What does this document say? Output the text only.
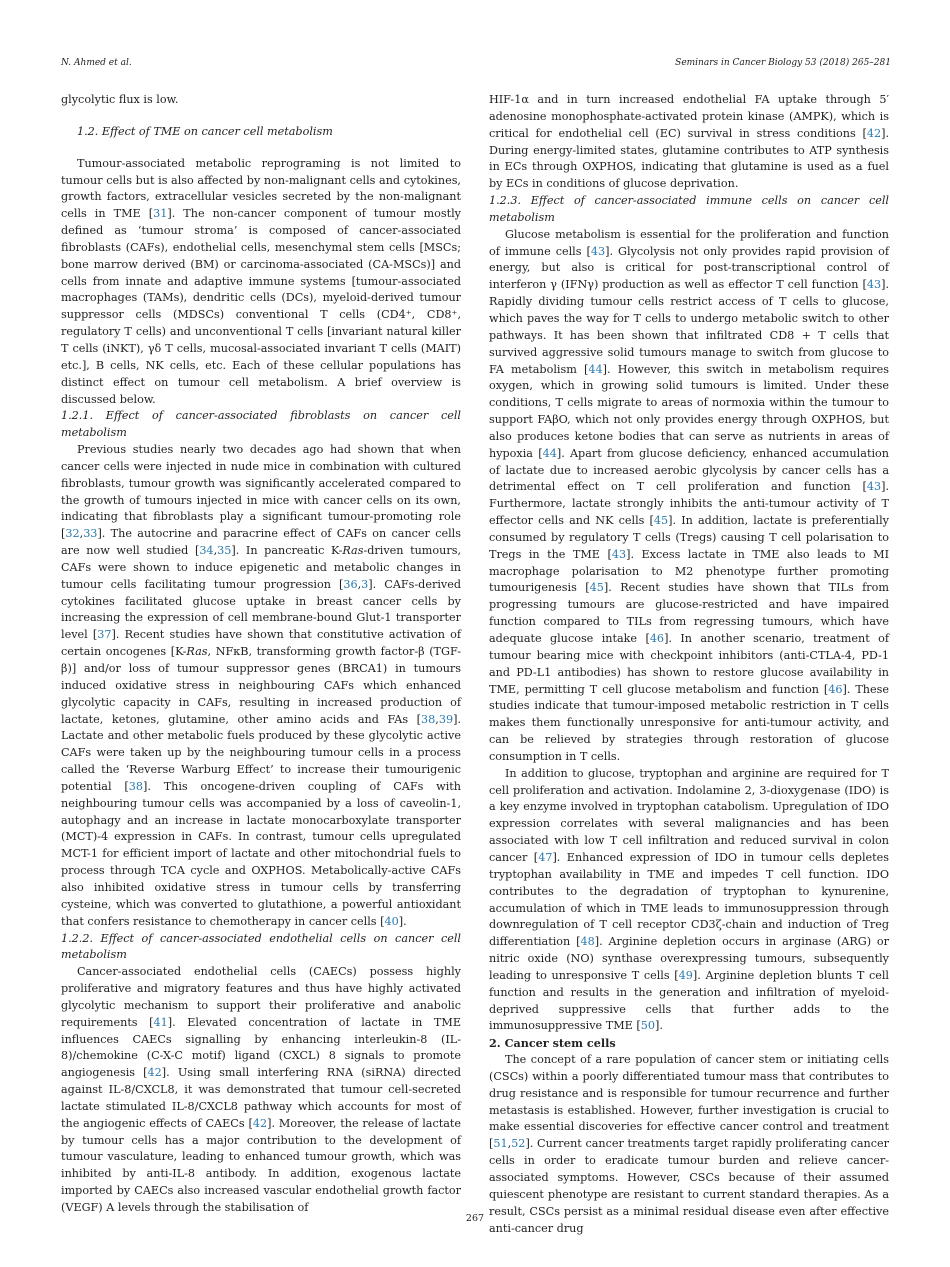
N. Ahmed et al.	Seminars in Cancer Biology 53 (2018) 265–281

glycolytic flux is low.

1.2. Effect of TME on cancer cell metabolism

Tumour-associated metabolic reprograming is not limited to tumour cells but is also affected by non-malignant cells and cytokines, growth factors, extracellular vesicles secreted by the non-malignant cells in TME [31]. The non-cancer component of tumour mostly defined as ‘tumour stroma’ is composed of cancer-associated fibroblasts (CAFs), endothelial cells, mesenchymal stem cells [MSCs; bone marrow derived (BM) or carcinoma-associated (CA-MSCs)] and cells from innate and adaptive immune systems [tumour-associated macrophages (TAMs), dendritic cells (DCs), myeloid-derived tumour suppressor cells (MDSCs) conventional T cells (CD4⁺, CD8⁺, regulatory T cells) and unconventional T cells [invariant natural killer T cells (iNKT), γδ T cells, mucosal-associated invariant T cells (MAIT) etc.], B cells, NK cells, etc. Each of these cellular populations has distinct effect on tumour cell metabolism. A brief overview is discussed below.

1.2.1. Effect of cancer-associated fibroblasts on cancer cell metabolism

Previous studies nearly two decades ago had shown that when cancer cells were injected in nude mice in combination with cultured fibroblasts, tumour growth was significantly accelerated compared to the growth of tumours injected in mice with cancer cells on its own, indicating that fibroblasts play a significant tumour-promoting role [32,33]. The autocrine and paracrine effect of CAFs on cancer cells are now well studied [34,35]. In pancreatic K-Ras-driven tumours, CAFs were shown to induce epigenetic and metabolic changes in tumour cells facilitating tumour progression [36,3]. CAFs-derived cytokines facilitated glucose uptake in breast cancer cells by increasing the expression of cell membrane-bound Glut-1 transporter level [37]. Recent studies have shown that constitutive activation of certain oncogenes [K-Ras, NFκB, transforming growth factor-β (TGF-β)] and/or loss of tumour suppressor genes (BRCA1) in tumours induced oxidative stress in neighbouring CAFs which enhanced glycolytic capacity in CAFs, resulting in increased production of lactate, ketones, glutamine, other amino acids and FAs [38,39]. Lactate and other metabolic fuels produced by these glycolytic active CAFs were taken up by the neighbouring tumour cells in a process called the ‘Reverse Warburg Effect’ to increase their tumourigenic potential [38]. This oncogene-driven coupling of CAFs with neighbouring tumour cells was accompanied by a loss of caveolin-1, autophagy and an increase in lactate monocarboxylate transporter (MCT)-4 expression in CAFs. In contrast, tumour cells upregulated MCT-1 for efficient import of lactate and other mitochondrial fuels to process through TCA cycle and OXPHOS. Metabolically-active CAFs also inhibited oxidative stress in tumour cells by transferring cysteine, which was converted to glutathione, a powerful antioxidant that confers resistance to chemotherapy in cancer cells [40].

1.2.2. Effect of cancer-associated endothelial cells on cancer cell metabolism

Cancer-associated endothelial cells (CAECs) possess highly proliferative and migratory features and thus have highly activated glycolytic mechanism to support their proliferative and anabolic requirements [41]. Elevated concentration of lactate in TME influences CAECs signalling by enhancing interleukin-8 (IL-8)/chemokine (C-X-C motif) ligand (CXCL) 8 signals to promote angiogenesis [42]. Using small interfering RNA (siRNA) directed against IL-8/CXCL8, it was demonstrated that tumour cell-secreted lactate stimulated IL-8/CXCL8 pathway which accounts for most of the angiogenic effects of CAECs [42]. Moreover, the release of lactate by tumour cells has a major contribution to the development of tumour vasculature, leading to enhanced tumour growth, which was inhibited by anti-IL-8 antibody. In addition, exogenous lactate imported by CAECs also increased vascular endothelial growth factor (VEGF) A levels through the stabilisation of

HIF-1α and in turn increased endothelial FA uptake through 5′ adenosine monophosphate-activated protein kinase (AMPK), which is critical for endothelial cell (EC) survival in stress conditions [42]. During energy-limited states, glutamine contributes to ATP synthesis in ECs through OXPHOS, indicating that glutamine is used as a fuel by ECs in conditions of glucose deprivation.

1.2.3. Effect of cancer-associated immune cells on cancer cell metabolism

Glucose metabolism is essential for the proliferation and function of immune cells [43]. Glycolysis not only provides rapid provision of energy, but also is critical for post-transcriptional control of interferon γ (IFNγ) production as well as effector T cell function [43]. Rapidly dividing tumour cells restrict access of T cells to glucose, which paves the way for T cells to undergo metabolic switch to other pathways. It has been shown that infiltrated CD8 + T cells that survived aggressive solid tumours manage to switch from glucose to FA metabolism [44]. However, this switch in metabolism requires oxygen, which in growing solid tumours is limited. Under these conditions, T cells migrate to areas of normoxia within the tumour to support FAβO, which not only provides energy through OXPHOS, but also produces ketone bodies that can serve as nutrients in areas of hypoxia [44]. Apart from glucose deficiency, enhanced accumulation of lactate due to increased aerobic glycolysis by cancer cells has a detrimental effect on T cell proliferation and function [43]. Furthermore, lactate strongly inhibits the anti-tumour activity of T effector cells and NK cells [45]. In addition, lactate is preferentially consumed by regulatory T cells (Tregs) causing T cell polarisation to Tregs in the TME [43]. Excess lactate in TME also leads to MI macrophage polarisation to M2 phenotype further promoting tumourigenesis [45]. Recent studies have shown that TILs from progressing tumours are glucose-restricted and have impaired function compared to TILs from regressing tumours, which have adequate glucose intake [46]. In another scenario, treatment of tumour bearing mice with checkpoint inhibitors (anti-CTLA-4, PD-1 and PD-L1 antibodies) has shown to restore glucose availability in TME, permitting T cell glucose metabolism and function [46]. These studies indicate that tumour-imposed metabolic restriction in T cells makes them functionally unresponsive for anti-tumour activity, and can be relieved by strategies through restoration of glucose consumption in T cells.

In addition to glucose, tryptophan and arginine are required for T cell proliferation and activation. Indolamine 2, 3-dioxygenase (IDO) is a key enzyme involved in tryptophan catabolism. Upregulation of IDO expression correlates with several malignancies and has been associated with low T cell infiltration and reduced survival in colon cancer [47]. Enhanced expression of IDO in tumour cells depletes tryptophan availability in TME and impedes T cell function. IDO contributes to the degradation of tryptophan to kynurenine, accumulation of which in TME leads to immunosuppression through downregulation of T cell receptor CD3ζ-chain and induction of Treg differentiation [48]. Arginine depletion occurs in arginase (ARG) or nitric oxide (NO) synthase overexpressing tumours, subsequently leading to unresponsive T cells [49]. Arginine depletion blunts T cell function and results in the generation and infiltration of myeloid-deprived suppressive cells that further adds to the immunosuppressive TME [50].

2. Cancer stem cells

The concept of a rare population of cancer stem or initiating cells (CSCs) within a poorly differentiated tumour mass that contributes to drug resistance and is responsible for tumour recurrence and further metastasis is established. However, further investigation is crucial to make essential discoveries for effective cancer control and treatment [51,52]. Current cancer treatments target rapidly proliferating cancer cells in order to eradicate tumour burden and relieve cancer-associated symptoms. However, CSCs because of their assumed quiescent phenotype are resistant to current standard therapies. As a result, CSCs persist as a minimal residual disease even after effective anti-cancer drug

267
